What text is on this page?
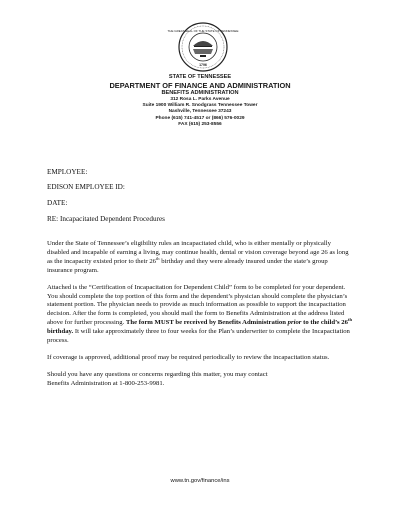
THE GREAT SEAL OF THE STATE OF TENNESSEE
1796
STATE OF TENNESSEE
DEPARTMENT OF FINANCE AND ADMINISTRATION
BENEFITS ADMINISTRATION
312 Rosa L. Parks Avenue
Suite 1900 William R. Snodgrass Tennessee Tower
Nashville, Tennessee 37243
Phone (615) 741-4517 or (866) 576-0029
FAX (615) 253-8556
EMPLOYEE:
EDISON EMPLOYEE ID:
DATE:
RE: Incapacitated Dependent Procedures

Under the State of Tennessee’s eligibility rules an incapacitated child, who is either mentally or physically disabled and incapable of earning a living, may continue health, dental or vision coverage beyond age 26 as long as the incapacity existed prior to their 26th birthday and they were already insured under the state’s group insurance program.

Attached is the “Certification of Incapacitation for Dependent Child” form to be completed for your dependent. You should complete the top portion of this form and the dependent’s physician should complete the physician’s statement portion. The physician needs to provide as much information as possible to support the incapacitation decision. After the form is completed, you should mail the form to Benefits Administration at the address listed above for further processing. The form MUST be received by Benefits Administration prior to the child’s 26th birthday. It will take approximately three to four weeks for the Plan’s underwriter to complete the Incapacitation process.

If coverage is approved, additional proof may be required periodically to review the incapacitation status.

Should you have any questions or concerns regarding this matter, you may contact
Benefits Administration at 1-800-253-9981.

www.tn.gov/finance/ins
